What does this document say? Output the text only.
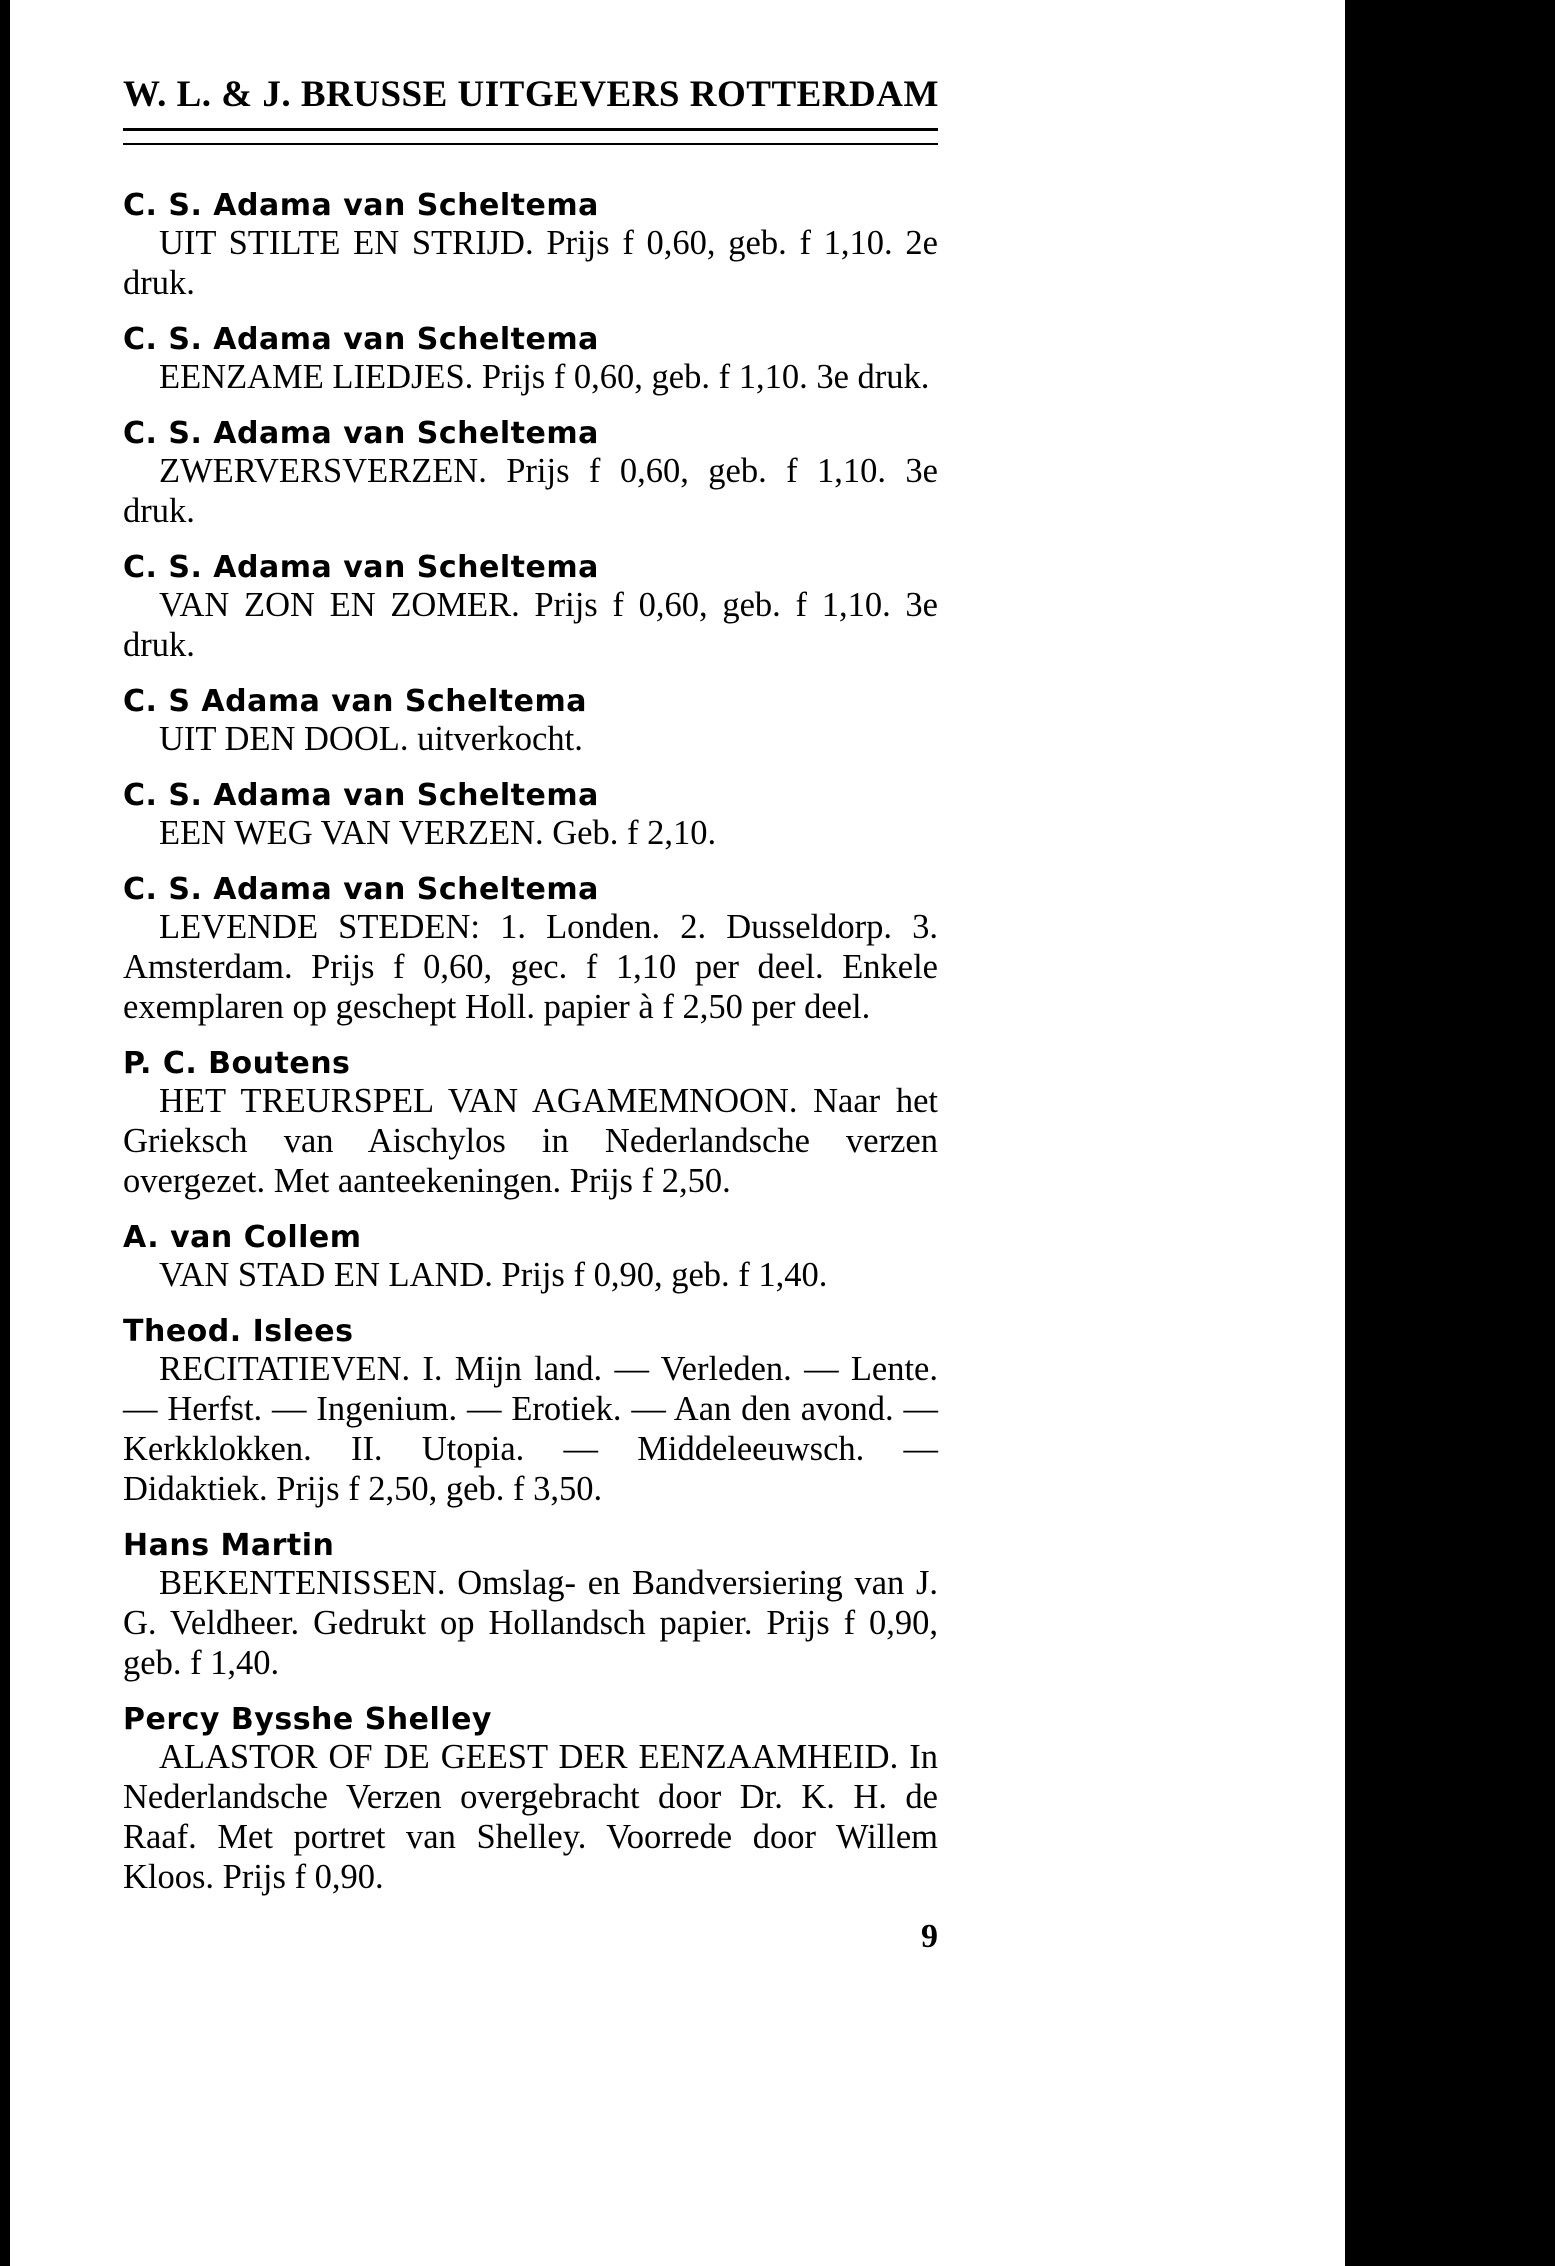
W. L. & J. BRUSSE UITGEVERS ROTTERDAM
C. S. Adama van Scheltema
UIT STILTE EN STRIJD. Prijs f 0,60, geb. f 1,10. 2e druk.
C. S. Adama van Scheltema
EENZAME LIEDJES. Prijs f 0,60, geb. f 1,10. 3e druk.
C. S. Adama van Scheltema
ZWERVERSVERZEN. Prijs f 0,60, geb. f 1,10. 3e druk.
C. S. Adama van Scheltema
VAN ZON EN ZOMER. Prijs f 0,60, geb. f 1,10. 3e druk.
C. S Adama van Scheltema
UIT DEN DOOL. uitverkocht.
C. S. Adama van Scheltema
EEN WEG VAN VERZEN. Geb. f 2,10.
C. S. Adama van Scheltema
LEVENDE STEDEN: 1. Londen. 2. Dusseldorp. 3. Amsterdam. Prijs f 0,60, gec. f 1,10 per deel. Enkele exemplaren op geschept Holl. papier à f 2,50 per deel.
P. C. Boutens
HET TREURSPEL VAN AGAMEMNOON. Naar het Grieksch van Aischylos in Nederlandsche verzen overgezet. Met aanteekeningen. Prijs f 2,50.
A. van Collem
VAN STAD EN LAND. Prijs f 0,90, geb. f 1,40.
Theod. Islees
RECITATIEVEN. I. Mijn land. — Verleden. — Lente. — Herfst. — Ingenium. — Erotiek. — Aan den avond. — Kerkklokken. II. Utopia. — Middeleeuwsch. — Didaktiek. Prijs f 2,50, geb. f 3,50.
Hans Martin
BEKENTENISSEN. Omslag- en Bandversiering van J. G. Veldheer. Gedrukt op Hollandsch papier. Prijs f 0,90, geb. f 1,40.
Percy Bysshe Shelley
ALASTOR OF DE GEEST DER EENZAAMHEID. In Nederlandsche Verzen overgebracht door Dr. K. H. de Raaf. Met portret van Shelley. Voorrede door Willem Kloos. Prijs f 0,90.
9
